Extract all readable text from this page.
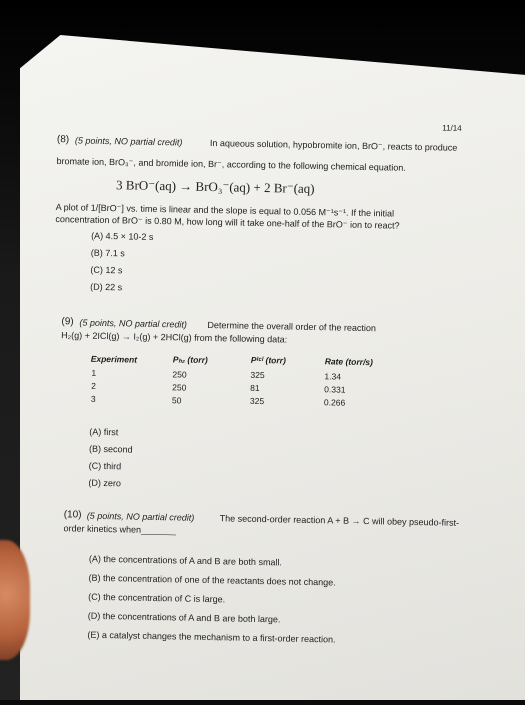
11/14
(8) (5 points, NO partial credit)	In aqueous solution, hypobromite ion, BrO⁻, reacts to produce
bromate ion, BrO₃⁻, and bromide ion, Br⁻, according to the following chemical equation.
3 BrO⁻(aq) → BrO₃⁻(aq) + 2 Br⁻(aq)
A plot of 1/[BrO⁻] vs. time is linear and the slope is equal to 0.056 M⁻¹s⁻¹. If the initial
concentration of BrO⁻ is 0.80 M, how long will it take one-half of the BrO⁻ ion to react?
(A) 4.5 × 10-2 s
(B) 7.1 s
(C) 12 s
(D) 22 s
(9) (5 points, NO partial credit) Determine the overall order of the reaction
H₂(g) + 2ICl(g) → I₂(g) + 2HCl(g) from the following data:
Experiment	Pₕ₂ (torr)	Pᴵᶜˡ (torr)	Rate (torr/s)
1	250	325	1.34
2	250	81	0.331
3	50	325	0.266
(A) first
(B) second
(C) third
(D) zero
(10) (5 points, NO partial credit)	The second-order reaction A + B → C will obey pseudo-first-
order kinetics when_______
(A) the concentrations of A and B are both small.
(B) the concentration of one of the reactants does not change.
(C) the concentration of C is large.
(D) the concentrations of A and B are both large.
(E) a catalyst changes the mechanism to a first-order reaction.
